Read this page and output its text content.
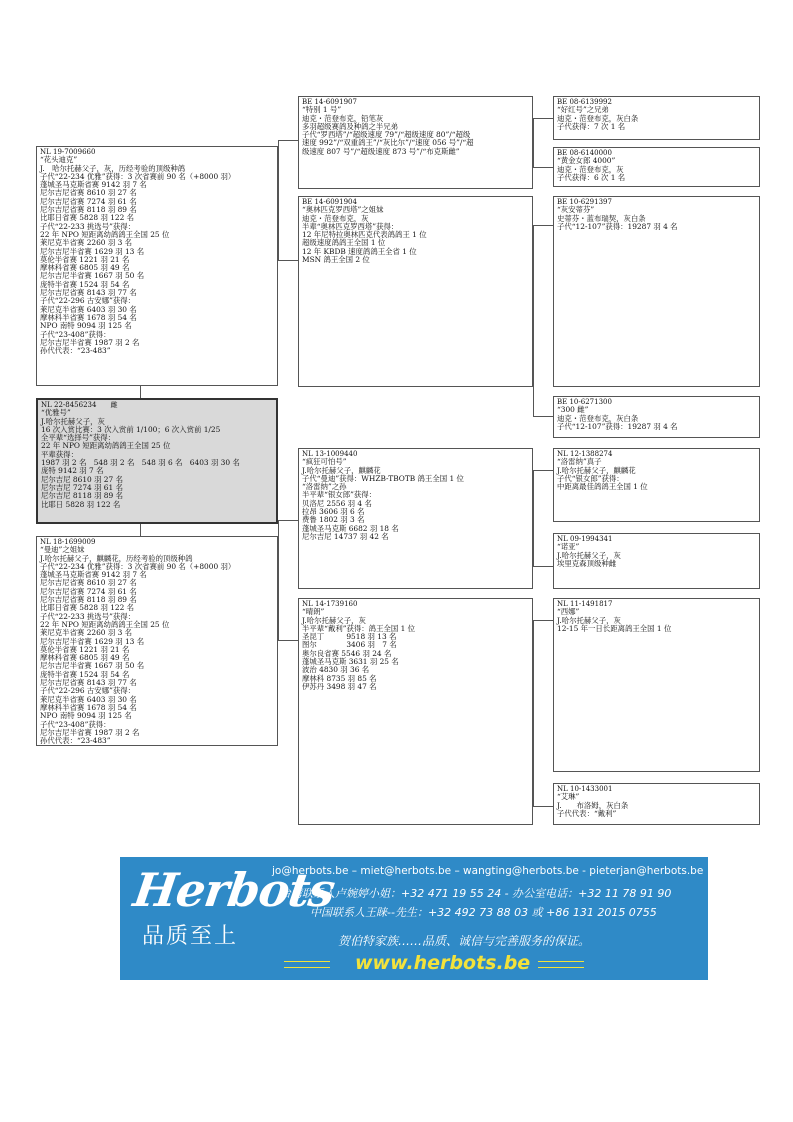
BE 14-6091907
“特别 1 号”
迪克・范登布克，铅笔灰
多羽超级赛鸽及种鸽之半兄弟
子代“罗西塔”/“超级速度 79”/“超级速度 80”/“超级
速度 992”/“双重鸽王”/“灰比尔”/“速度 056 号”/“超
级速度 807 号”/“超级速度 873 号”/“布克斯雌”
BE 08-6139992
“好红号”之兄弟
迪克・范登布克，灰白条
子代获得：7 次 1 名
BE 08-6140000
“黄金女郎 4000”
迪克・范登布克，灰
子代获得：6 次 1 名
NL 19-7009660
“花头迪克”
J.　哈尔托赫父子，灰，历经考验的顶级种鸽
子代“22-234 优雅”获得：3 次省赛前 90 名（+8000 羽）
蓬城圣马克斯省赛 9142 羽 7 名
尼尔吉尼省赛 8610 羽 27 名
尼尔吉尼省赛 7274 羽 61 名
尼尔吉尼省赛 8118 羽 89 名
比耶日省赛 5828 羽 122 名
子代“22-233 挑选号”获得：
22 年 NPO 短距离幼鸽鸽王全国 25 位
莱尼克半省赛 2260 羽 3 名
尼尔吉尼半省赛 1629 羽 13 名
莫伦半省赛 1221 羽 21 名
摩林科省赛 6805 羽 49 名
尼尔吉尼半省赛 1667 羽 50 名
庞特半省赛 1524 羽 54 名
尼尔吉尼省赛 8143 羽 77 名
子代“22-296 古安娜”获得：
莱尼克半省赛 6403 羽 30 名
摩林科半省赛 1678 羽 54 名
NPO 南特 9094 羽 125 名
子代“23-408”获得：
尼尔吉尼半省赛 1987 羽 2 名
孙代代表：“23-483”
BE 14-6091904
“奥林匹克罗西塔”之姐妹
迪克・范登布克，灰
半辈“奥林匹克罗西塔”获得：
12 年尼特拉奥林匹克代表鸽鸽王 1 位
超级速度鸽鸽王全国 1 位
12 年 KBDB 速度鸽鸽王全省 1 位
MSN 鸽王全国 2 位
BE 10-6291397
“灰安蒂芬”
史蒂芬・蓝布瑞契，灰白条
子代“12-107”获得：19287 羽 4 名
BE 10-6271300
“300 雌”
迪克・范登布克，灰白条
子代“12-107”获得：19287 羽 4 名
NL 22-8456234　　雌
“优雅号”
J.哈尔托赫父子，灰
16 次入赏比赛：3 次入赏前 1/100；6 次入赏前 1/25
全平辈“选择号”获得：
22 年 NPO 短距离幼鸽鸽王全国 25 位
平辈获得：
1987 羽 2 名　548 羽 2 名　548 羽 6 名　6403 羽 30 名
庞特 9142 羽 7 名
尼尔吉尼 8610 羽 27 名
尼尔吉尼 7274 羽 61 名
尼尔吉尼 8118 羽 89 名
比耶日 5828 羽 122 名
NL 13-1009440
“疯狂可怕号”
J.哈尔托赫父子，麒麟花
子代“曼迪”获得：WHZB-TBOTB 鸽王全国 1 位
“洛雷纳”之孙
半平辈“银女郎”获得：
贝洛尼 2556 羽 4 名
拉昂 3606 羽 6 名
费鲁 1802 羽 3 名
蓬城圣马克斯 6682 羽 18 名
尼尔吉尼 14737 羽 42 名
NL 12-1388274
“洛雷纳”真子
J.哈尔托赫父子，麒麟花
子代“银女郎”获得：
中距离最佳鸽鸽王全国 1 位
NL 09-1994341
“诺亚”
J.哈尔托赫父子，灰
埃里克森顶级种雌
NL 18-1699009
“曼迪”之姐妹
J.哈尔托赫父子，麒麟花，历经考验的顶级种鸽
子代“22-234 优雅”获得：3 次省赛前 90 名（+8000 羽）
蓬城圣马克斯省赛 9142 羽 7 名
尼尔吉尼省赛 8610 羽 27 名
尼尔吉尼省赛 7274 羽 61 名
尼尔吉尼省赛 8118 羽 89 名
比耶日省赛 5828 羽 122 名
子代“22-233 挑选号”获得：
22 年 NPO 短距离幼鸽鸽王全国 25 位
莱尼克半省赛 2260 羽 3 名
尼尔吉尼半省赛 1629 羽 13 名
莫伦半省赛 1221 羽 21 名
摩林科省赛 6805 羽 49 名
尼尔吉尼半省赛 1667 羽 50 名
庞特半省赛 1524 羽 54 名
尼尔吉尼省赛 8143 羽 77 名
子代“22-296 古安娜”获得：
莱尼克半省赛 6403 羽 30 名
摩林科半省赛 1678 羽 54 名
NPO 南特 9094 羽 125 名
子代“23-408”获得：
尼尔吉尼半省赛 1987 羽 2 名
孙代代表：“23-483”
NL 14-1739160
“晴朗”
J.哈尔托赫父子，灰
半平辈“戴利”获得：鸽王全国 1 位
圣昆丁　　　9518 羽 13 名
图尔　　　　3406 羽　7 名
奥尔良省赛 5546 羽 24 名
蓬城圣马克斯 3631 羽 25 名
波治 4830 羽 36 名
摩林科 8735 羽 85 名
伊苏丹 3498 羽 47 名
NL 11-1491817
“西娜”
J.哈尔托赫父子，灰
12-15 年一日长距离鸽王全国 1 位
NL 10-1433001
“艾琳”
J.　　布洛姆，灰白条
子代代表：“戴利”
Herbots
品质至上
jo@herbots.be – miet@herbots.be – wangting@herbots.be - pieterjan@herbots.be
台湾联系人卢婉婷小姐：+32 471 19 55 24 - 办公室电话：+32 11 78 91 90
中国联系人王睐--先生：+32 492 73 88 03 或 +86 131 2015 0755
贺伯特家族……品质、诚信与完善服务的保证。
www.herbots.be
